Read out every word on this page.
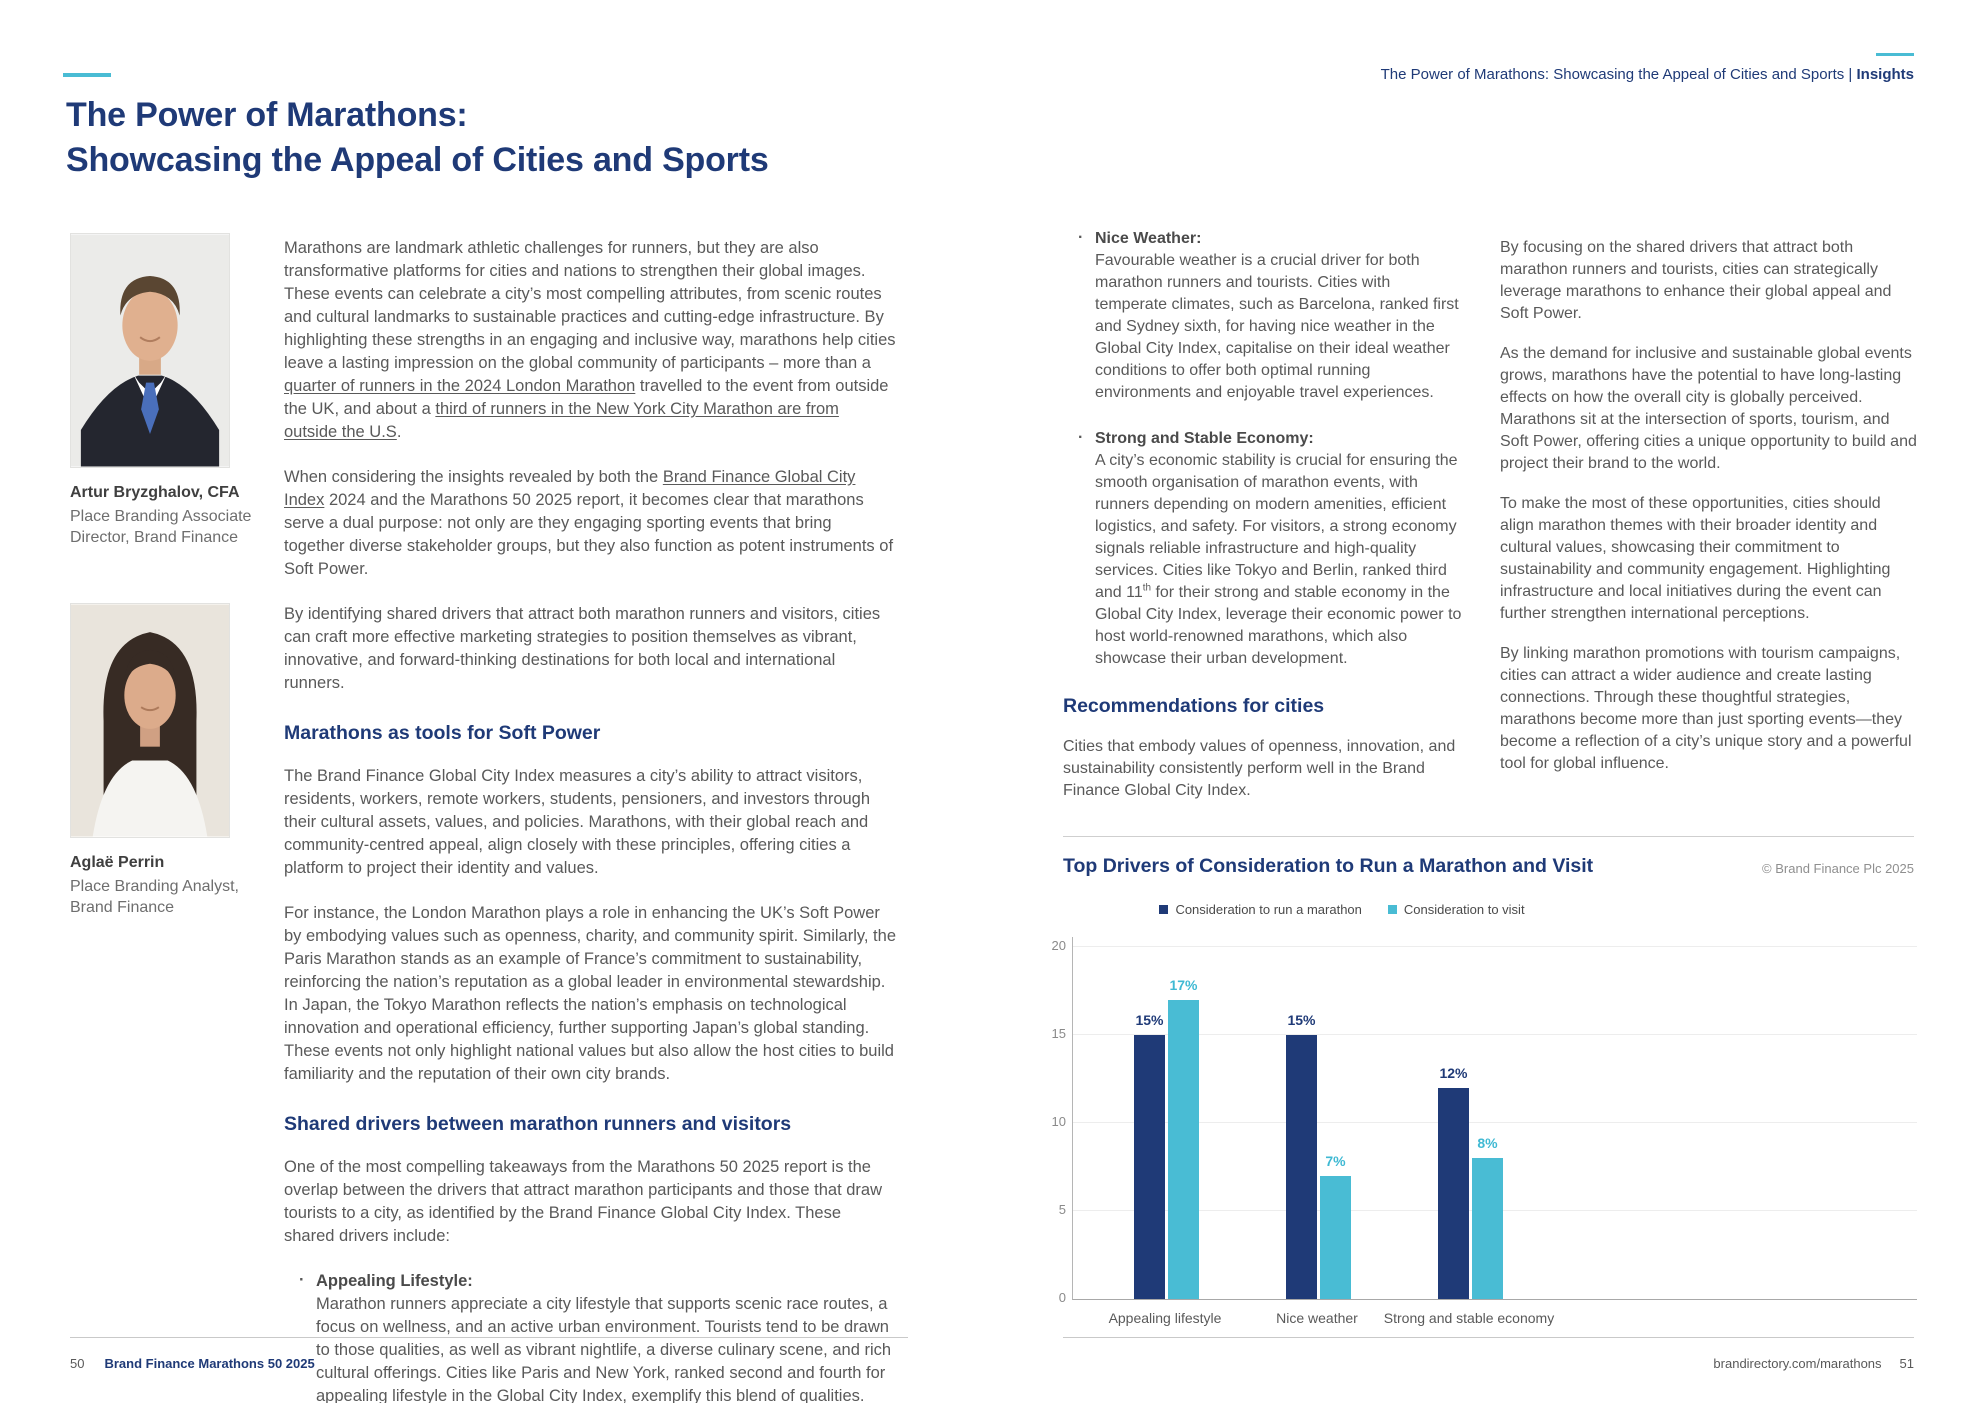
The Power of Marathons:
Showcasing the Appeal of Cities and Sports
The Power of Marathons: Showcasing the Appeal of Cities and Sports | Insights
Artur Bryzghalov, CFA
Place Branding Associate Director, Brand Finance
Aglaë Perrin
Place Branding Analyst, Brand Finance

Marathons are landmark athletic challenges for runners, but they are also transformative platforms for cities and nations to strengthen their global images. These events can celebrate a city’s most compelling attributes, from scenic routes and cultural landmarks to sustainable practices and cutting-edge infrastructure. By highlighting these strengths in an engaging and inclusive way, marathons help cities leave a lasting impression on the global community of participants – more than a quarter of runners in the 2024 London Marathon travelled to the event from outside the UK, and about a third of runners in the New York City Marathon are from outside the U.S.

When considering the insights revealed by both the Brand Finance Global City Index 2024 and the Marathons 50 2025 report, it becomes clear that marathons serve a dual purpose: not only are they engaging sporting events that bring together diverse stakeholder groups, but they also function as potent instruments of Soft Power.

By identifying shared drivers that attract both marathon runners and visitors, cities can craft more effective marketing strategies to position themselves as vibrant, innovative, and forward-thinking destinations for both local and international runners.

Marathons as tools for Soft Power

The Brand Finance Global City Index measures a city’s ability to attract visitors, residents, workers, remote workers, students, pensioners, and investors through their cultural assets, values, and policies. Marathons, with their global reach and community-centred appeal, align closely with these principles, offering cities a platform to project their identity and values.

For instance, the London Marathon plays a role in enhancing the UK’s Soft Power by embodying values such as openness, charity, and community spirit. Similarly, the Paris Marathon stands as an example of France’s commitment to sustainability, reinforcing the nation’s reputation as a global leader in environmental stewardship. In Japan, the Tokyo Marathon reflects the nation’s emphasis on technological innovation and operational efficiency, further supporting Japan’s global standing. These events not only highlight national values but also allow the host cities to build familiarity and the reputation of their own city brands.

Shared drivers between marathon runners and visitors

One of the most compelling takeaways from the Marathons 50 2025 report is the overlap between the drivers that attract marathon participants and those that draw tourists to a city, as identified by the Brand Finance Global City Index. These shared drivers include:

· Appealing Lifestyle:
Marathon runners appreciate a city lifestyle that supports scenic race routes, a focus on wellness, and an active urban environment. Tourists tend to be drawn to those qualities, as well as vibrant nightlife, a diverse culinary scene, and rich cultural offerings. Cities like Paris and New York, ranked second and fourth for appealing lifestyle in the Global City Index, exemplify this blend of qualities.
· Nice Weather:
Favourable weather is a crucial driver for both marathon runners and tourists. Cities with temperate climates, such as Barcelona, ranked first and Sydney sixth, for having nice weather in the Global City Index, capitalise on their ideal weather conditions to offer both optimal running environments and enjoyable travel experiences.
· Strong and Stable Economy:
A city’s economic stability is crucial for ensuring the smooth organisation of marathon events, with runners depending on modern amenities, efficient logistics, and safety. For visitors, a strong economy signals reliable infrastructure and high-quality services. Cities like Tokyo and Berlin, ranked third and 11th for their strong and stable economy in the Global City Index, leverage their economic power to host world-renowned marathons, which also showcase their urban development.
Recommendations for cities

Cities that embody values of openness, innovation, and sustainability consistently perform well in the Brand Finance Global City Index.

By focusing on the shared drivers that attract both marathon runners and tourists, cities can strategically leverage marathons to enhance their global appeal and Soft Power.

As the demand for inclusive and sustainable global events grows, marathons have the potential to have long-lasting effects on how the overall city is globally perceived. Marathons sit at the intersection of sports, tourism, and Soft Power, offering cities a unique opportunity to build and project their brand to the world.

To make the most of these opportunities, cities should align marathon themes with their broader identity and cultural values, showcasing their commitment to sustainability and community engagement. Highlighting infrastructure and local initiatives during the event can further strengthen international perceptions.

By linking marathon promotions with tourism campaigns, cities can attract a wider audience and create lasting connections. Through these thoughtful strategies, marathons become more than just sporting events—they become a reflection of a city’s unique story and a powerful tool for global influence.

Top Drivers of Consideration to Run a Marathon and Visit	© Brand Finance Plc 2025
Consideration to run a marathon	Consideration to visit
15%
17%
15%
7%
12%
8%
0
5
10
15
20
Appealing lifestyle	Nice weather	Strong and stable economy
50 Brand Finance Marathons 50 2025	brandirectory.com/marathons 51
